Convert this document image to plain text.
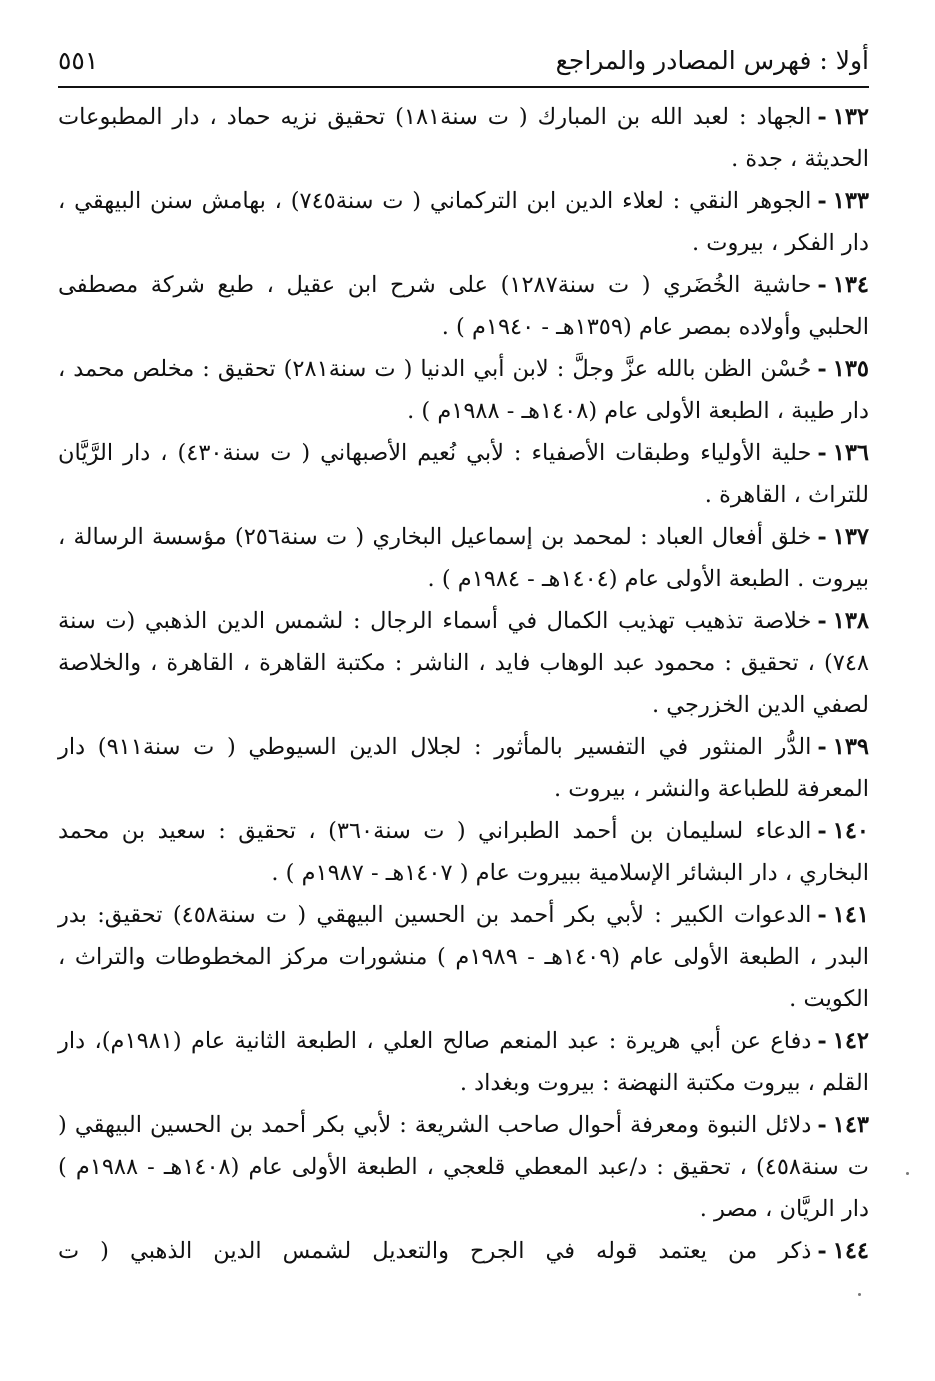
أولا : فهرس المصادر والمراجع
٥٥١

١٣٢-الجهاد : لعبد الله بن المبارك ( ت سنة١٨١) تحقيق نزيه حماد ، دار المطبوعات الحديثة ، جدة .

١٣٣-الجوهر النقي : لعلاء الدين ابن التركماني ( ت سنة٧٤٥) ، بهامش سنن البيهقي ، دار الفكر ، بيروت .

١٣٤-حاشية الخُضَري ( ت سنة١٢٨٧) على شرح ابن عقيل ، طبع شركة مصطفى الحلبي وأولاده بمصر عام (١٣٥٩هـ - ١٩٤٠م ) .

١٣٥-حُسْن الظن بالله عزَّ وجلَّ : لابن أبي الدنيا ( ت سنة٢٨١) تحقيق : مخلص محمد ، دار طيبة ، الطبعة الأولى عام (١٤٠٨هـ - ١٩٨٨م ) .

١٣٦-حلية الأولياء وطبقات الأصفياء : لأبي نُعيم الأصبهاني ( ت سنة٤٣٠) ، دار الرَّيَّان للتراث ، القاهرة .

١٣٧-خلق أفعال العباد : لمحمد بن إسماعيل البخاري ( ت سنة٢٥٦) مؤسسة الرسالة ، بيروت . الطبعة الأولى عام (١٤٠٤هـ - ١٩٨٤م ) .

١٣٨-خلاصة تذهيب تهذيب الكمال في أسماء الرجال : لشمس الدين الذهبي (ت سنة ٧٤٨) ، تحقيق : محمود عبد الوهاب فايد ، الناشر : مكتبة القاهرة ، القاهرة ، والخلاصة لصفي الدين الخزرجي .

١٣٩-الدُّر المنثور في التفسير بالمأثور : لجلال الدين السيوطي ( ت سنة٩١١) دار المعرفة للطباعة والنشر ، بيروت .

١٤٠-الدعاء لسليمان بن أحمد الطبراني ( ت سنة٣٦٠) ، تحقيق : سعيد بن محمد البخاري ، دار البشائر الإسلامية ببيروت عام ( ١٤٠٧هـ - ١٩٨٧م ) .

١٤١-الدعوات الكبير : لأبي بكر أحمد بن الحسين البيهقي ( ت سنة٤٥٨) تحقيق: بدر البدر ، الطبعة الأولى عام (١٤٠٩هـ - ١٩٨٩م ) منشورات مركز المخطوطات والتراث ، الكويت .

١٤٢-دفاع عن أبي هريرة : عبد المنعم صالح العلي ، الطبعة الثانية عام (١٩٨١م)، دار القلم ، بيروت مكتبة النهضة : بيروت وبغداد .

١٤٣-دلائل النبوة ومعرفة أحوال صاحب الشريعة : لأبي بكر أحمد بن الحسين البيهقي ( ت سنة٤٥٨) ، تحقيق : د/عبد المعطي قلعجي ، الطبعة الأولى عام (١٤٠٨هـ - ١٩٨٨م ) دار الريَّان ، مصر .

١٤٤-ذكر من يعتمد قوله في الجرح والتعديل لشمس الدين الذهبي ( ت
